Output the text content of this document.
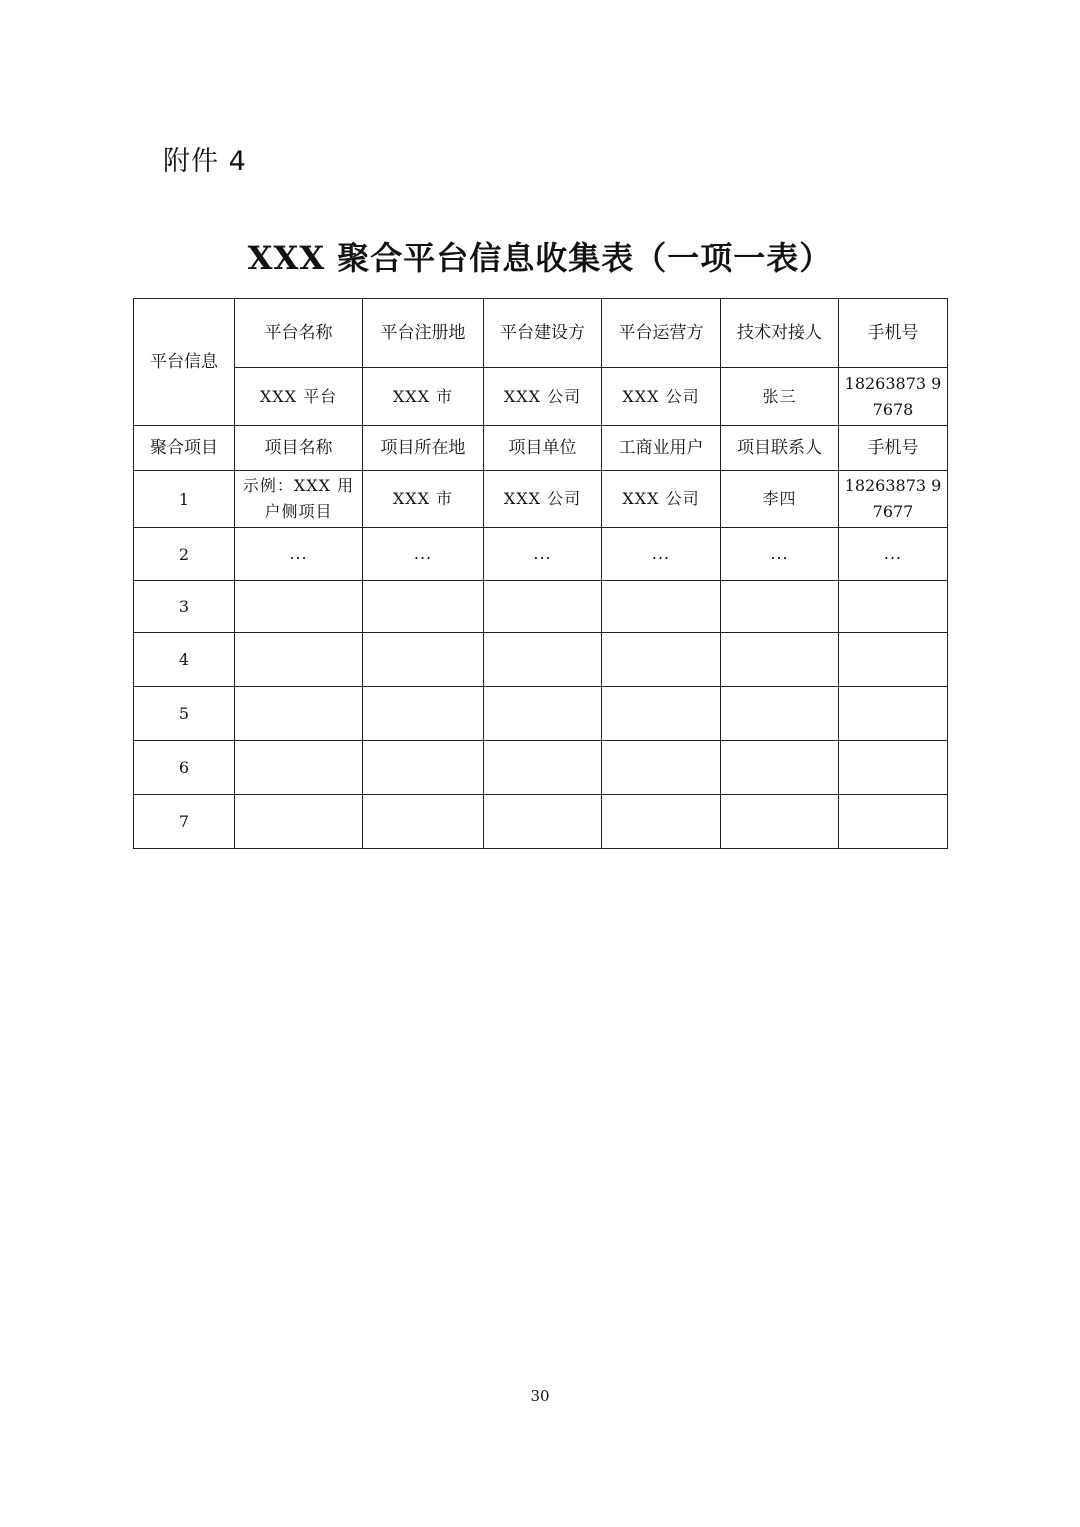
附件 4
XXX 聚合平台信息收集表（一项一表）
平台信息	平台名称	平台注册地	平台建设方	平台运营方	技术对接人	手机号
	XXX 平台	XXX 市	XXX 公司	XXX 公司	张三	18263873 97678
聚合项目	项目名称	项目所在地	项目单位	工商业用户	项目联系人	手机号
1	示例：XXX 用户侧项目	XXX 市	XXX 公司	XXX 公司	李四	18263873 97677
2	...	...	...	...	...	...
3						
4						
5						
6						
7						
30
